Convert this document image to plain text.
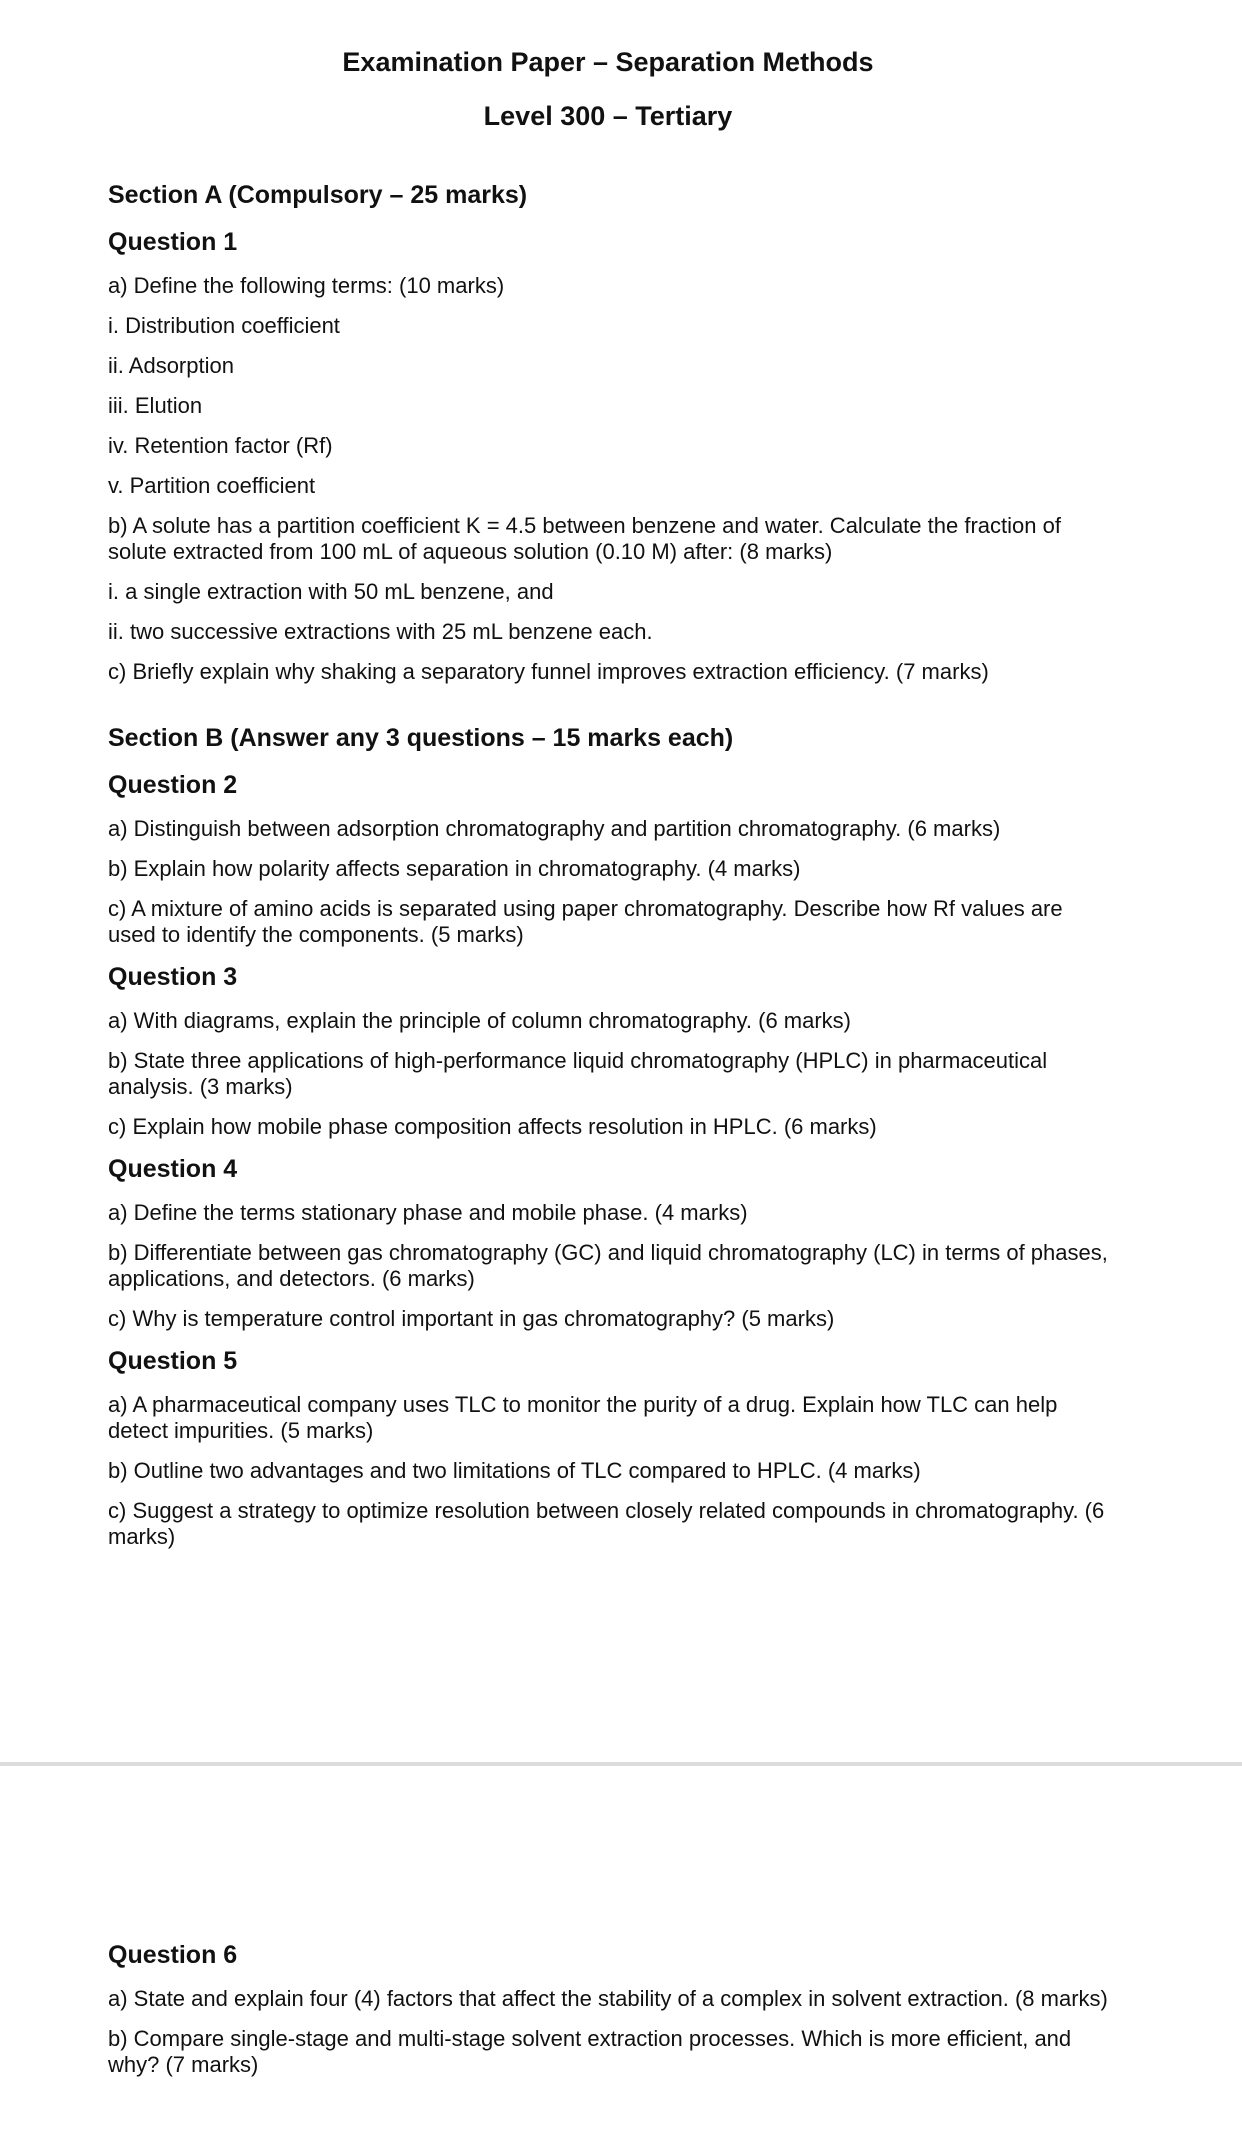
Examination Paper – Separation Methods

Level 300 – Tertiary

Section A (Compulsory – 25 marks)

Question 1

a) Define the following terms: (10 marks)

i. Distribution coefficient

ii. Adsorption

iii. Elution

iv. Retention factor (Rf)

v. Partition coefficient

b) A solute has a partition coefficient K = 4.5 between benzene and water. Calculate the fraction of solute extracted from 100 mL of aqueous solution (0.10 M) after: (8 marks)

i. a single extraction with 50 mL benzene, and

ii. two successive extractions with 25 mL benzene each.

c) Briefly explain why shaking a separatory funnel improves extraction efficiency. (7 marks)

Section B (Answer any 3 questions – 15 marks each)

Question 2

a) Distinguish between adsorption chromatography and partition chromatography. (6 marks)

b) Explain how polarity affects separation in chromatography. (4 marks)

c) A mixture of amino acids is separated using paper chromatography. Describe how Rf values are used to identify the components. (5 marks)

Question 3

a) With diagrams, explain the principle of column chromatography. (6 marks)

b) State three applications of high-performance liquid chromatography (HPLC) in pharmaceutical analysis. (3 marks)

c) Explain how mobile phase composition affects resolution in HPLC. (6 marks)

Question 4

a) Define the terms stationary phase and mobile phase. (4 marks)

b) Differentiate between gas chromatography (GC) and liquid chromatography (LC) in terms of phases, applications, and detectors. (6 marks)

c) Why is temperature control important in gas chromatography? (5 marks)

Question 5

a) A pharmaceutical company uses TLC to monitor the purity of a drug. Explain how TLC can help detect impurities. (5 marks)

b) Outline two advantages and two limitations of TLC compared to HPLC. (4 marks)

c) Suggest a strategy to optimize resolution between closely related compounds in chromatography. (6 marks)

Question 6

a) State and explain four (4) factors that affect the stability of a complex in solvent extraction. (8 marks)

b) Compare single-stage and multi-stage solvent extraction processes. Which is more efficient, and why? (7 marks)
